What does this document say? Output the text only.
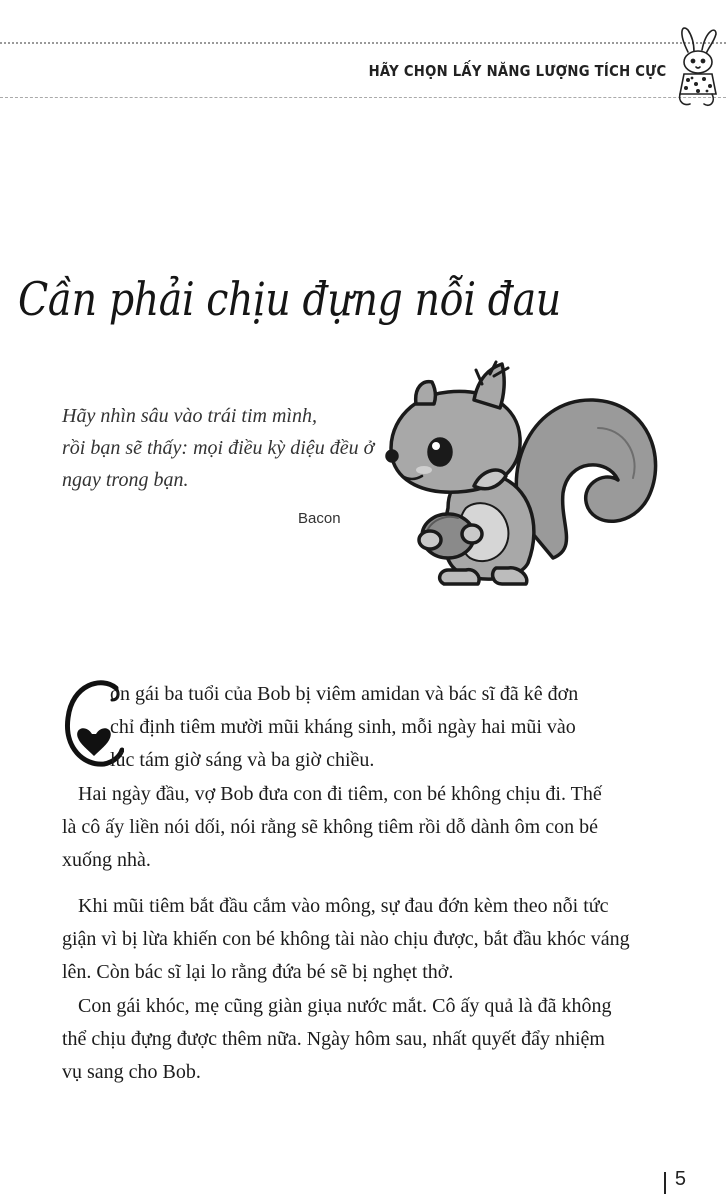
HÃY CHỌN LẤY NĂNG LƯỢNG TÍCH CỰC
Cần phải chịu đựng nỗi đau
Hãy nhìn sâu vào trái tim mình,
rồi bạn sẽ thấy: mọi điều kỳ diệu đều ở
ngay trong bạn.
Bacon
on gái ba tuổi của Bob bị viêm amidan và bác sĩ đã kê đơn
chỉ định tiêm mười mũi kháng sinh, mỗi ngày hai mũi vào
lúc tám giờ sáng và ba giờ chiều.
Hai ngày đầu, vợ Bob đưa con đi tiêm, con bé không chịu đi. Thế
là cô ấy liền nói dối, nói rằng sẽ không tiêm rồi dỗ dành ôm con bé
xuống nhà.
Khi mũi tiêm bắt đầu cắm vào mông, sự đau đớn kèm theo nỗi tức
giận vì bị lừa khiến con bé không tài nào chịu được, bắt đầu khóc váng
lên. Còn bác sĩ lại lo rằng đứa bé sẽ bị nghẹt thở.
Con gái khóc, mẹ cũng giàn giụa nước mắt. Cô ấy quả là đã không
thể chịu đựng được thêm nữa. Ngày hôm sau, nhất quyết đẩy nhiệm
vụ sang cho Bob.
5
